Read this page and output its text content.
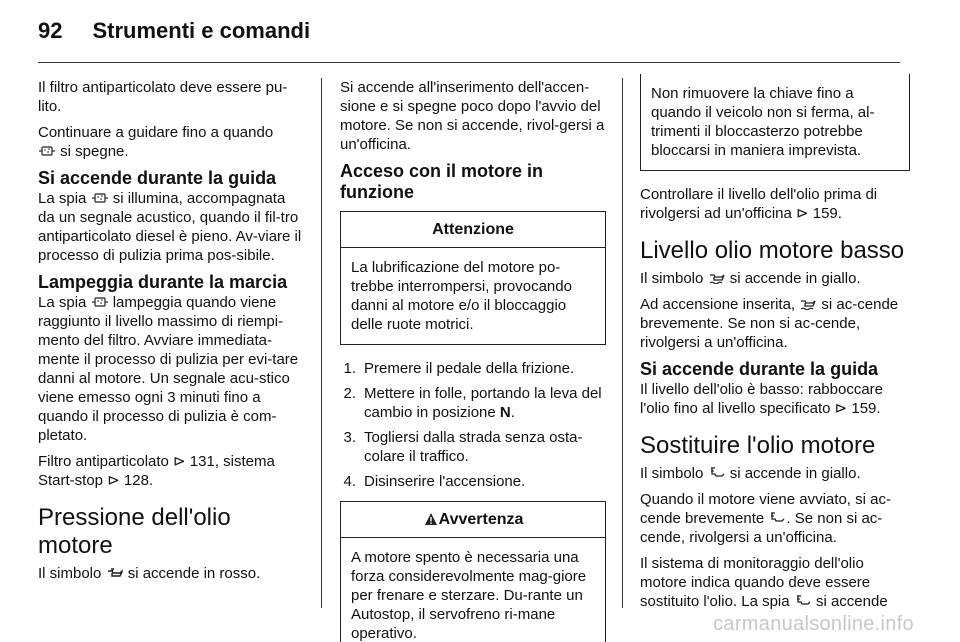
92 Strumenti e comandi

Il filtro antiparticolato deve essere pu-lito.

Continuare a guidare fino a quando

si spegne.

Si accende durante la guida

La spia
si illumina, accompagnata da un segnale acustico, quando il fil-tro antiparticolato diesel è pieno. Av-viare il processo di pulizia prima pos-sibile.

Lampeggia durante la marcia

La spia
lampeggia quando viene raggiunto il livello massimo di riempi-mento del filtro. Avviare immediata-mente il processo di pulizia per evi-tare danni al motore. Un segnale acu-stico viene emesso ogni 3 minuti fino a quando il processo di pulizia è com-pletato.

Filtro antiparticolato ⊳ 131, sistema Start-stop ⊳ 128.

Pressione dell'olio motore

Il simbolo
si accende in rosso.

Si accende all'inserimento dell'accen-sione e si spegne poco dopo l'avvio del motore. Se non si accende, rivol-gersi a un'officina.

Acceso con il motore in funzione
Attenzione
La lubrificazione del motore po-trebbe interrompersi, provocando danni al motore e/o il bloccaggio delle ruote motrici.
1. Premere il pedale della frizione.
2. Mettere in folle, portando la leva del cambio in posizione N.
3. Togliersi dalla strada senza osta-colare il traffico.
4. Disinserire l'accensione.
Avvertenza
A motore spento è necessaria una forza considerevolmente mag-giore per frenare e sterzare. Du-rante un Autostop, il servofreno ri-mane operativo.
Non rimuovere la chiave fino a quando il veicolo non si ferma, al-trimenti il bloccasterzo potrebbe bloccarsi in maniera imprevista.

Controllare il livello dell'olio prima di rivolgersi ad un'officina ⊳ 159.

Livello olio motore basso

Il simbolo
si accende in giallo.

Ad accensione inserita,
si ac-cende brevemente. Se non si ac-cende, rivolgersi a un'officina.

Si accende durante la guida

Il livello dell'olio è basso: rabboccare l'olio fino al livello specificato ⊳ 159.

Sostituire l'olio motore

Il simbolo
si accende in giallo.

Quando il motore viene avviato, si ac-cende brevemente . Se non si ac-cende, rivolgersi a un'officina.

Il sistema di monitoraggio dell'olio motore indica quando deve essere sostituito l'olio. La spia
si accende

carmanualsonline.info
